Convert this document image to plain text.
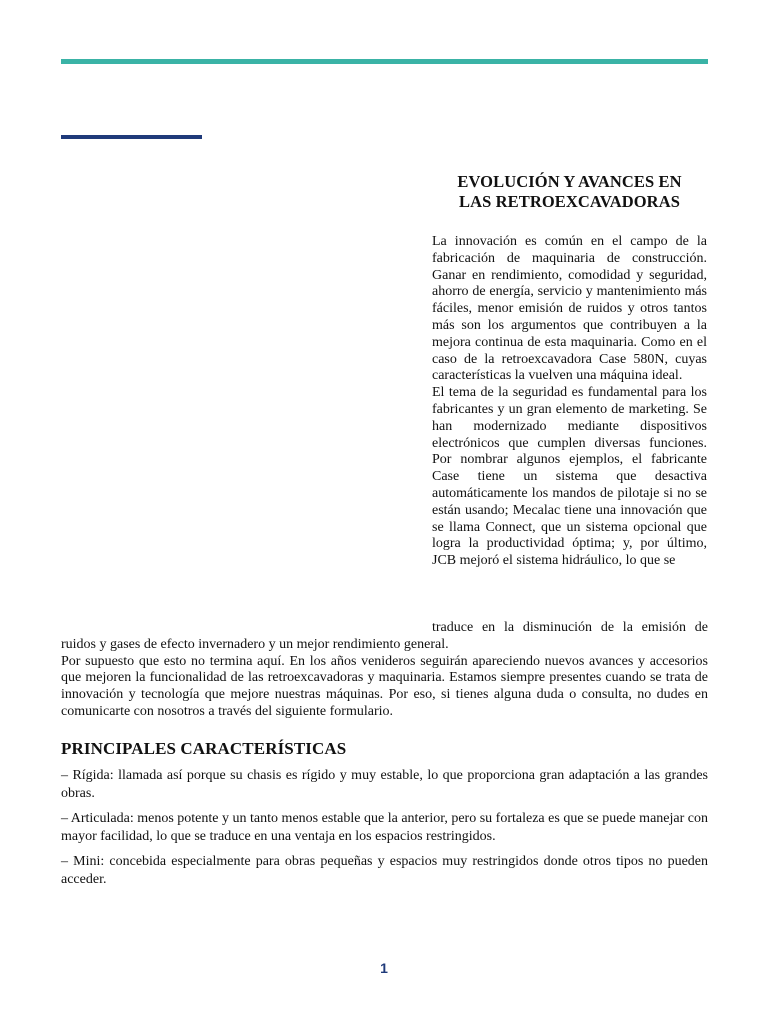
EVOLUCIÓN Y AVANCES EN
LAS RETROEXCAVADORAS

La innovación es común en el campo de la fabricación de maquinaria de construcción. Ganar en rendimiento, comodidad y seguridad, ahorro de energía, servicio y mantenimiento más fáciles, menor emisión de ruidos y otros tantos más son los argumentos que contribuyen a la mejora continua de esta maquinaria. Como en el caso de la retroexcavadora Case 580N, cuyas características la vuelven una máquina ideal.

El tema de la seguridad es fundamental para los fabricantes y un gran elemento de marketing. Se han modernizado mediante dispositivos electrónicos que cumplen diversas funciones. Por nombrar algunos ejemplos, el fabricante Case tiene un sistema que desactiva automáticamente los mandos de pilotaje si no se están usando; Mecalac tiene una innovación que se llama Connect, que un sistema opcional que logra la productividad óptima; y, por último, JCB mejoró el sistema hidráulico, lo que se

traduce en la disminución de la emisión de ruidos y gases de efecto invernadero y un mejor rendimiento general.

Por supuesto que esto no termina aquí. En los años venideros seguirán apareciendo nuevos avances y accesorios que mejoren la funcionalidad de las retroexcavadoras y maquinaria. Estamos siempre presentes cuando se trata de innovación y tecnología que mejore nuestras máquinas. Por eso, si tienes alguna duda o consulta, no dudes en comunicarte con nosotros a través del siguiente formulario.

PRINCIPALES CARACTERÍSTICAS

– Rígida: llamada así porque su chasis es rígido y muy estable, lo que proporciona gran adaptación a las grandes obras.

– Articulada: menos potente y un tanto menos estable que la anterior, pero su fortaleza es que se puede manejar con mayor facilidad, lo que se traduce en una ventaja en los espacios restringidos.

– Mini: concebida especialmente para obras pequeñas y espacios muy restringidos donde otros tipos no pueden acceder.

1
